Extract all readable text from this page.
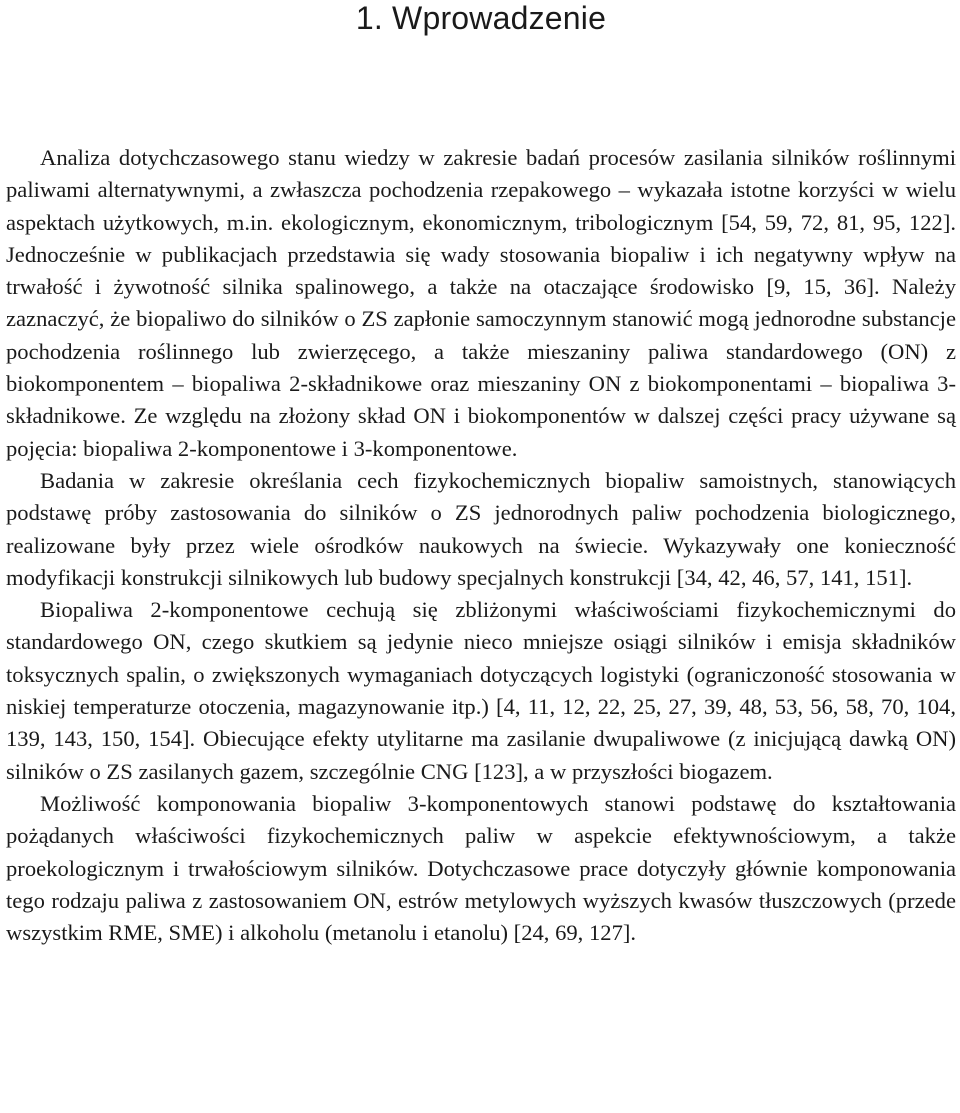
1. Wprowadzenie

Analiza dotychczasowego stanu wiedzy w zakresie badań procesów zasilania silników roślinnymi paliwami alternatywnymi, a zwłaszcza pochodzenia rzepakowego – wykazała istotne korzyści w wielu aspektach użytkowych, m.in. ekologicznym, ekonomicznym, tribologicznym [54, 59, 72, 81, 95, 122]. Jednocześnie w publikacjach przedstawia się wady stosowania biopaliw i ich negatywny wpływ na trwałość i żywotność silnika spalinowego, a także na otaczające środowisko [9, 15, 36]. Należy zaznaczyć, że biopaliwo do silników o ZS zapłonie samoczynnym stanowić mogą jednorodne substancje pochodzenia roślinnego lub zwierzęcego, a także mieszaniny paliwa standardowego (ON) z biokomponentem – biopaliwa 2-składnikowe oraz mieszaniny ON z biokomponentami – biopaliwa 3-składnikowe. Ze względu na złożony skład ON i biokomponentów w dalszej części pracy używane są pojęcia: biopaliwa 2-komponentowe i 3-komponentowe.

Badania w zakresie określania cech fizykochemicznych biopaliw samoistnych, stanowiących podstawę próby zastosowania do silników o ZS jednorodnych paliw pochodzenia biologicznego, realizowane były przez wiele ośrodków naukowych na świecie. Wykazywały one konieczność modyfikacji konstrukcji silnikowych lub budowy specjalnych konstrukcji [34, 42, 46, 57, 141, 151].

Biopaliwa 2-komponentowe cechują się zbliżonymi właściwościami fizykochemicznymi do standardowego ON, czego skutkiem są jedynie nieco mniejsze osiągi silników i emisja składników toksycznych spalin, o zwiększonych wymaganiach dotyczących logistyki (ograniczoność stosowania w niskiej temperaturze otoczenia, magazynowanie itp.) [4, 11, 12, 22, 25, 27, 39, 48, 53, 56, 58, 70, 104, 139, 143, 150, 154]. Obiecujące efekty utylitarne ma zasilanie dwupaliwowe (z inicjującą dawką ON) silników o ZS zasilanych gazem, szczególnie CNG [123], a w przyszłości biogazem.

Możliwość komponowania biopaliw 3-komponentowych stanowi podstawę do kształtowania pożądanych właściwości fizykochemicznych paliw w aspekcie efektywnościowym, a także proekologicznym i trwałościowym silników. Dotychczasowe prace dotyczyły głównie komponowania tego rodzaju paliwa z zastosowaniem ON, estrów metylowych wyższych kwasów tłuszczowych (przede wszystkim RME, SME) i alkoholu (metanolu i etanolu) [24, 69, 127].
